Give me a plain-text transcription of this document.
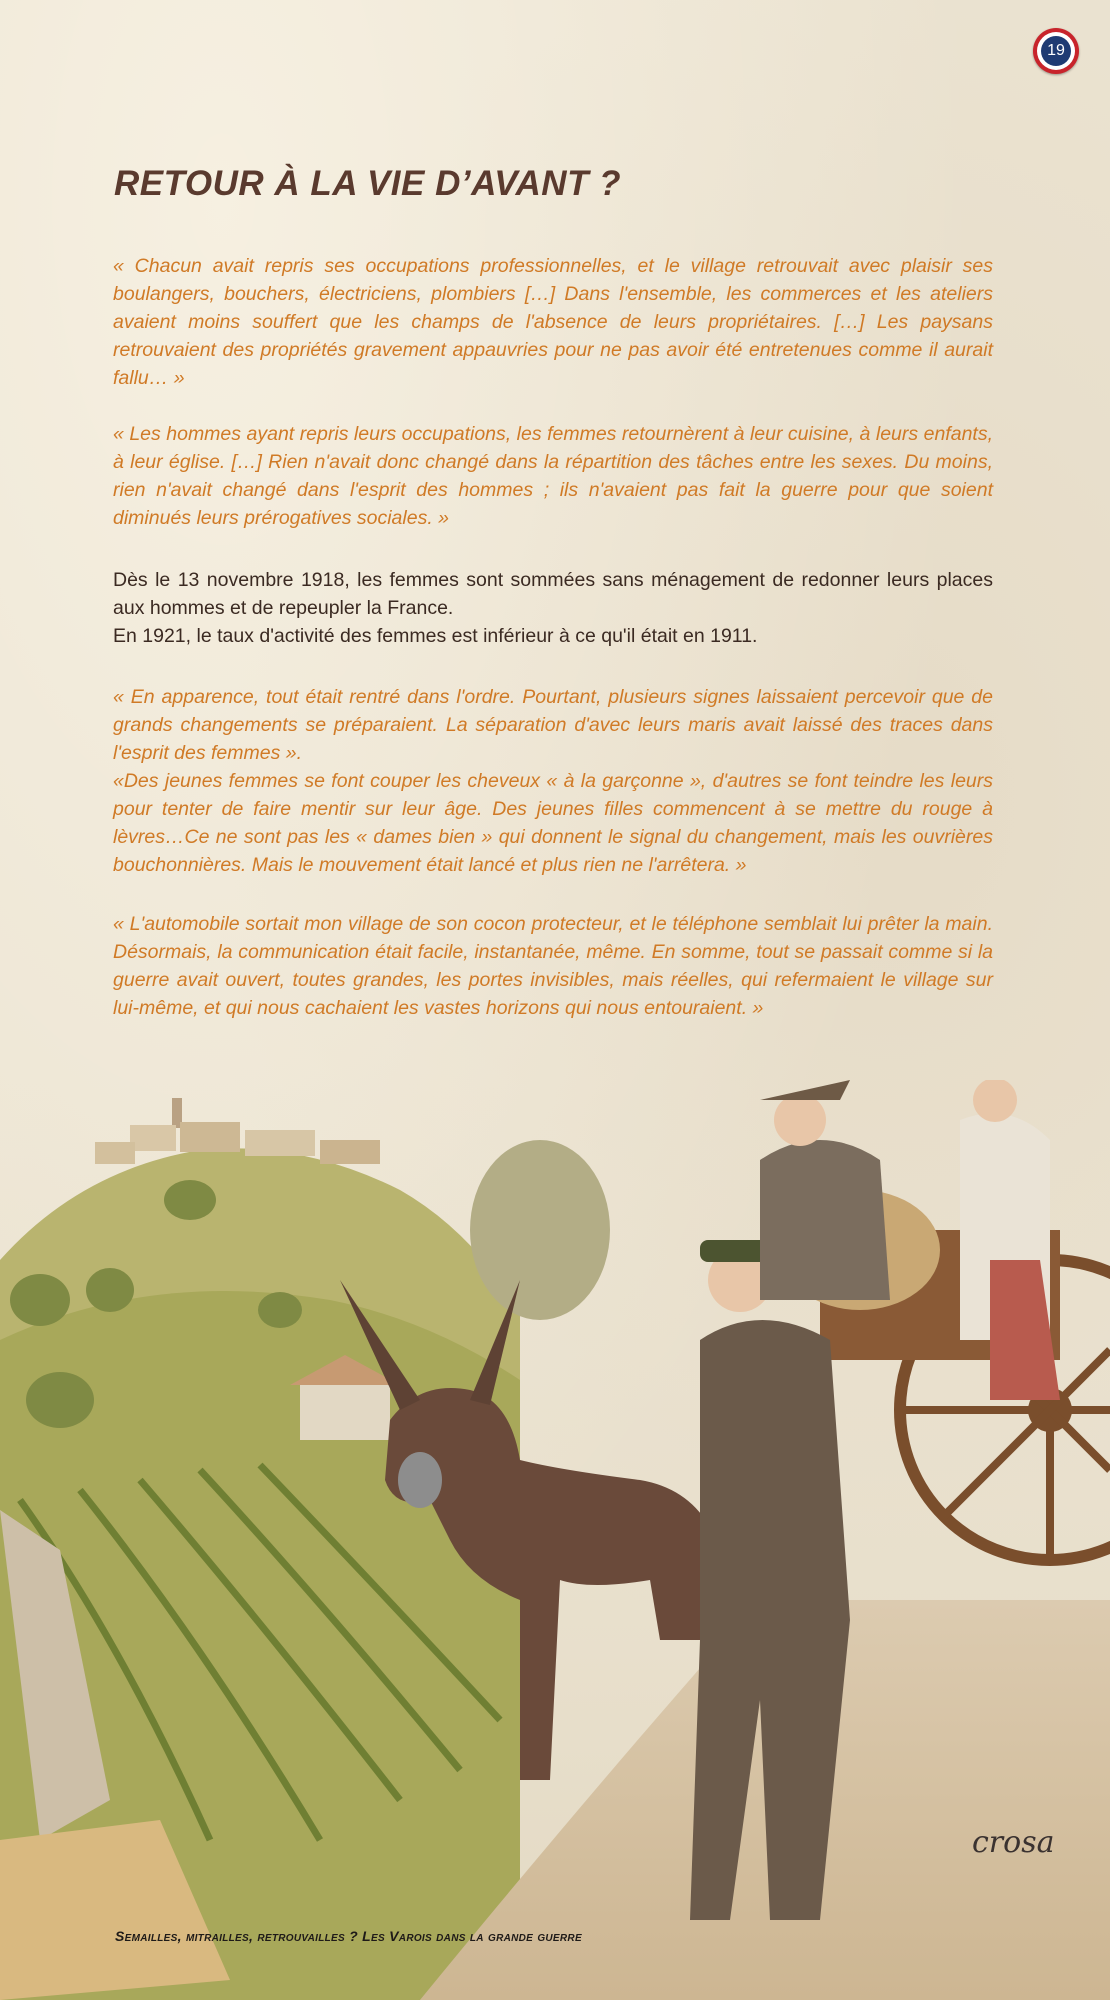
19
RETOUR À LA VIE D’AVANT ?

« Chacun avait repris ses occupations professionnelles, et le village retrouvait avec plaisir ses boulangers, bouchers, électriciens, plombiers […] Dans l'ensemble, les commerces et les ateliers avaient moins souffert que les champs de l'absence de leurs propriétaires. […] Les paysans retrouvaient des propriétés gravement appauvries pour ne pas avoir été entretenues comme il aurait fallu… »

« Les hommes ayant repris leurs occupations, les femmes retournèrent à leur cuisine, à leurs enfants, à leur église. […] Rien n'avait donc changé dans la répartition des tâches entre les sexes. Du moins, rien n'avait changé dans l'esprit des hommes ; ils n'avaient pas fait la guerre pour que soient diminués leurs prérogatives sociales. »

Dès le 13 novembre 1918, les femmes sont sommées sans ménagement de redonner leurs places aux hommes et de repeupler la France.
En 1921, le taux d'activité des femmes est inférieur à ce qu'il était en 1911.

« En apparence, tout était rentré dans l'ordre. Pourtant, plusieurs signes laissaient percevoir que de grands changements se préparaient. La séparation d'avec leurs maris avait laissé des traces dans l'esprit des femmes ».
«Des jeunes femmes se font couper les cheveux « à la garçonne », d'autres se font teindre les leurs pour tenter de faire mentir sur leur âge. Des jeunes filles commencent à se mettre du rouge à lèvres…Ce ne sont pas les « dames bien » qui donnent le signal du changement, mais les ouvrières bouchonnières. Mais le mouvement était lancé et plus rien ne l'arrêtera. »

« L'automobile sortait mon village de son cocon protecteur, et le téléphone semblait lui prêter la main. Désormais, la communication était facile, instantanée, même. En somme, tout se passait comme si la guerre avait ouvert, toutes grandes, les portes invisibles, mais réelles, qui refermaient le village sur lui-même, et qui nous cachaient les vastes horizons qui nous entouraient. »

crosa
Semailles, mitrailles, retrouvailles ? Les Varois dans la grande guerre
